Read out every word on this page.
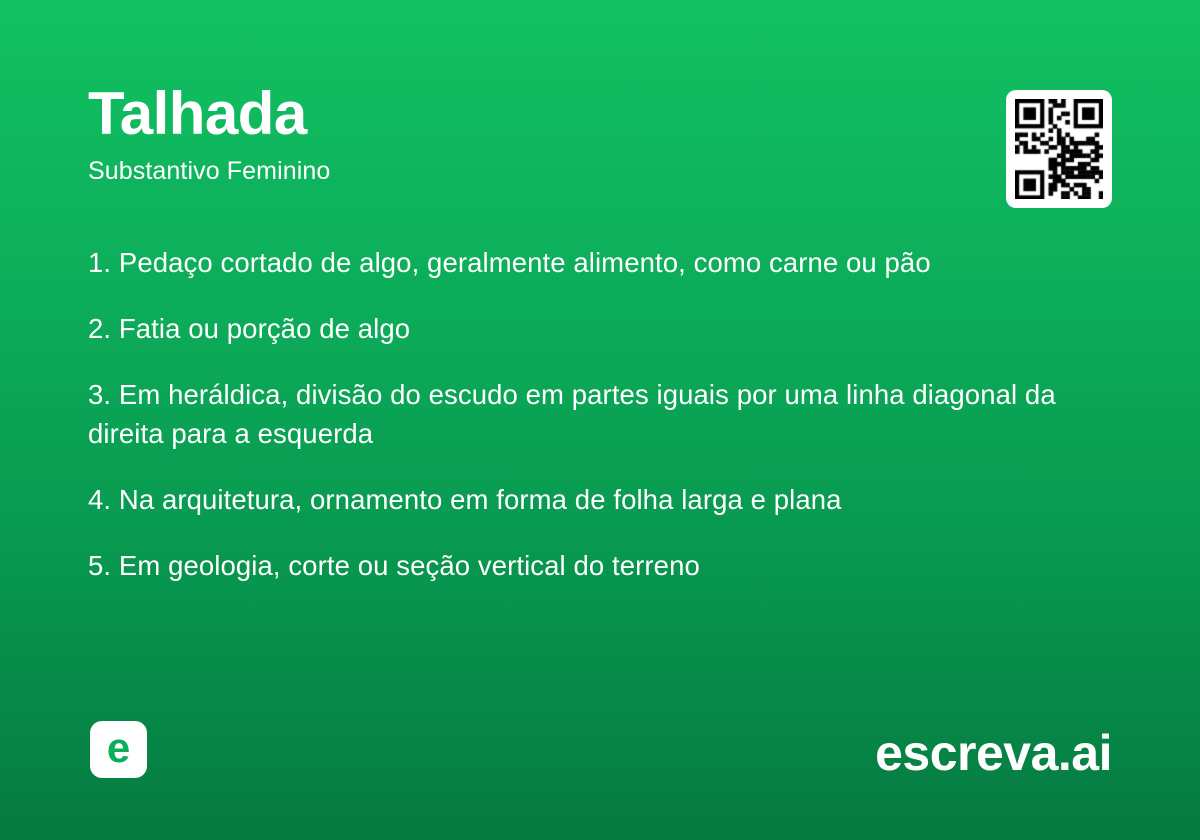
Talhada
Substantivo Feminino
1. Pedaço cortado de algo, geralmente alimento, como carne ou pão
2. Fatia ou porção de algo
3. Em heráldica, divisão do escudo em partes iguais por uma linha diagonal da direita para a esquerda
4. Na arquitetura, ornamento em forma de folha larga e plana
5. Em geologia, corte ou seção vertical do terreno
e	escreva.ai
